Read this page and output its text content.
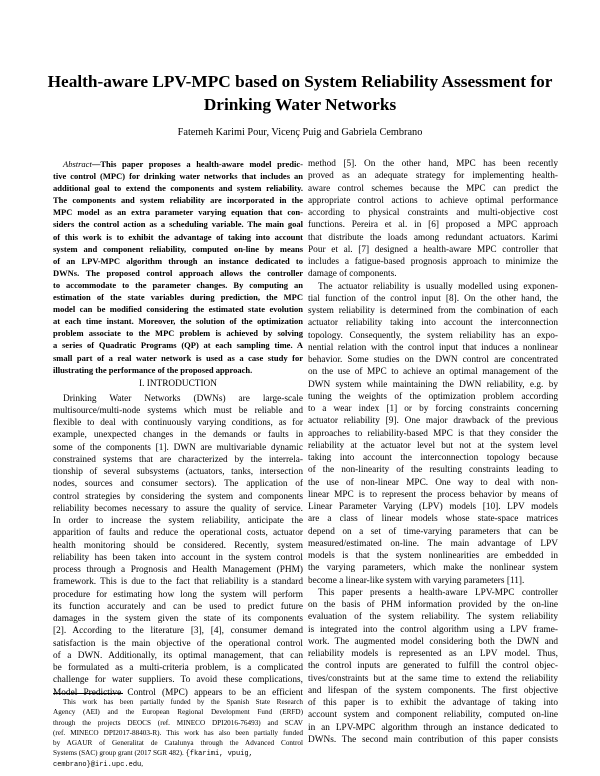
Health-aware LPV-MPC based on System Reliability Assessment for
Drinking Water Networks
Fatemeh Karimi Pour, Vicenç Puig and Gabriela Cembrano
Abstract—This paper proposes a health-aware model predic-
tive control (MPC) for drinking water networks that includes an
additional goal to extend the components and system reliability.
The components and system reliability are incorporated in the
MPC model as an extra parameter varying equation that con-
siders the control action as a scheduling variable. The main goal
of this work is to exhibit the advantage of taking into account
system and component reliability, computed on-line by means
of an LPV-MPC algorithm through an instance dedicated to
DWNs. The proposed control approach allows the controller
to accommodate to the parameter changes. By computing an
estimation of the state variables during prediction, the MPC
model can be modified considering the estimated state evolution
at each time instant. Moreover, the solution of the optimization
problem associate to the MPC problem is achieved by solving
a series of Quadratic Programs (QP) at each sampling time. A
small part of a real water network is used as a case study for
illustrating the performance of the proposed approach.
I. INTRODUCTION
Drinking Water Networks (DWNs) are large-scale
multisource/multi-node systems which must be reliable and
flexible to deal with continuously varying conditions, as for
example, unexpected changes in the demands or faults in
some of the components [1]. DWN are multivariable dynamic
constrained systems that are characterized by the interrela-
tionship of several subsystems (actuators, tanks, intersection
nodes, sources and consumer sectors). The application of
control strategies by considering the system and components
reliability becomes necessary to assure the quality of service.
In order to increase the system reliability, anticipate the
apparition of faults and reduce the operational costs, actuator
health monitoring should be considered. Recently, system
reliability has been taken into account in the system control
process through a Prognosis and Health Management (PHM)
framework. This is due to the fact that reliability is a standard
procedure for estimating how long the system will perform
its function accurately and can be used to predict future
damages in the system given the state of its components
[2]. According to the literature [3], [4], consumer demand
satisfaction is the main objective of the operational control
of a DWN. Additionally, its optimal management, that can
be formulated as a multi-criteria problem, is a complicated
challenge for water suppliers. To avoid these complications,
Model Predictive Control (MPC) appears to be an efficient
This work has been partially funded by the Spanish State Research
Agency (AEI) and the European Regional Development Fund (ERFD)
through the projects DEOCS (ref. MINECO DPI2016-76493) and SCAV
(ref. MINECO DPI2017-88403-R). This work has also been partially funded
by AGAUR of Generalitat de Catalunya through the Advanced Control
Systems (SAC) group grant (2017 SGR 482). {fkarimi, vpuig,
cembrano}@iri.upc.edu,
method [5]. On the other hand, MPC has been recently
proved as an adequate strategy for implementing health-
aware control schemes because the MPC can predict the
appropriate control actions to achieve optimal performance
according to physical constraints and multi-objective cost
functions. Pereira et al. in [6] proposed a MPC approach
that distribute the loads among redundant actuators. Karimi
Pour et al. [7] designed a health-aware MPC controller that
includes a fatigue-based prognosis approach to minimize the
damage of components.
The actuator reliability is usually modelled using exponen-
tial function of the control input [8]. On the other hand, the
system reliability is determined from the combination of each
actuator reliability taking into account the interconnection
topology. Consequently, the system reliability has an expo-
nential relation with the control input that induces a nonlinear
behavior. Some studies on the DWN control are concentrated
on the use of MPC to achieve an optimal management of the
DWN system while maintaining the DWN reliability, e.g. by
tuning the weights of the optimization problem according
to a wear index [1] or by forcing constraints concerning
actuator reliability [9]. One major drawback of the previous
approaches to reliability-based MPC is that they consider the
reliability at the actuator level but not at the system level
taking into account the interconnection topology because
of the non-linearity of the resulting constraints leading to
the use of non-linear MPC. One way to deal with non-
linear MPC is to represent the process behavior by means of
Linear Parameter Varying (LPV) models [10]. LPV models
are a class of linear models whose state-space matrices
depend on a set of time-varying parameters that can be
measured/estimated on-line. The main advantage of LPV
models is that the system nonlinearities are embedded in
the varying parameters, which make the nonlinear system
become a linear-like system with varying parameters [11].
This paper presents a health-aware LPV-MPC controller
on the basis of PHM information provided by the on-line
evaluation of the system reliability. The system reliability
is integrated into the control algorithm using a LPV frame-
work. The augmented model considering both the DWN and
reliability models is represented as an LPV model. Thus,
the control inputs are generated to fulfill the control objec-
tives/constraints but at the same time to extend the reliability
and lifespan of the system components. The first objective
of this paper is to exhibit the advantage of taking into
account system and component reliability, computed on-line
in an LPV-MPC algorithm through an instance dedicated to
DWNs. The second main contribution of this paper consists
